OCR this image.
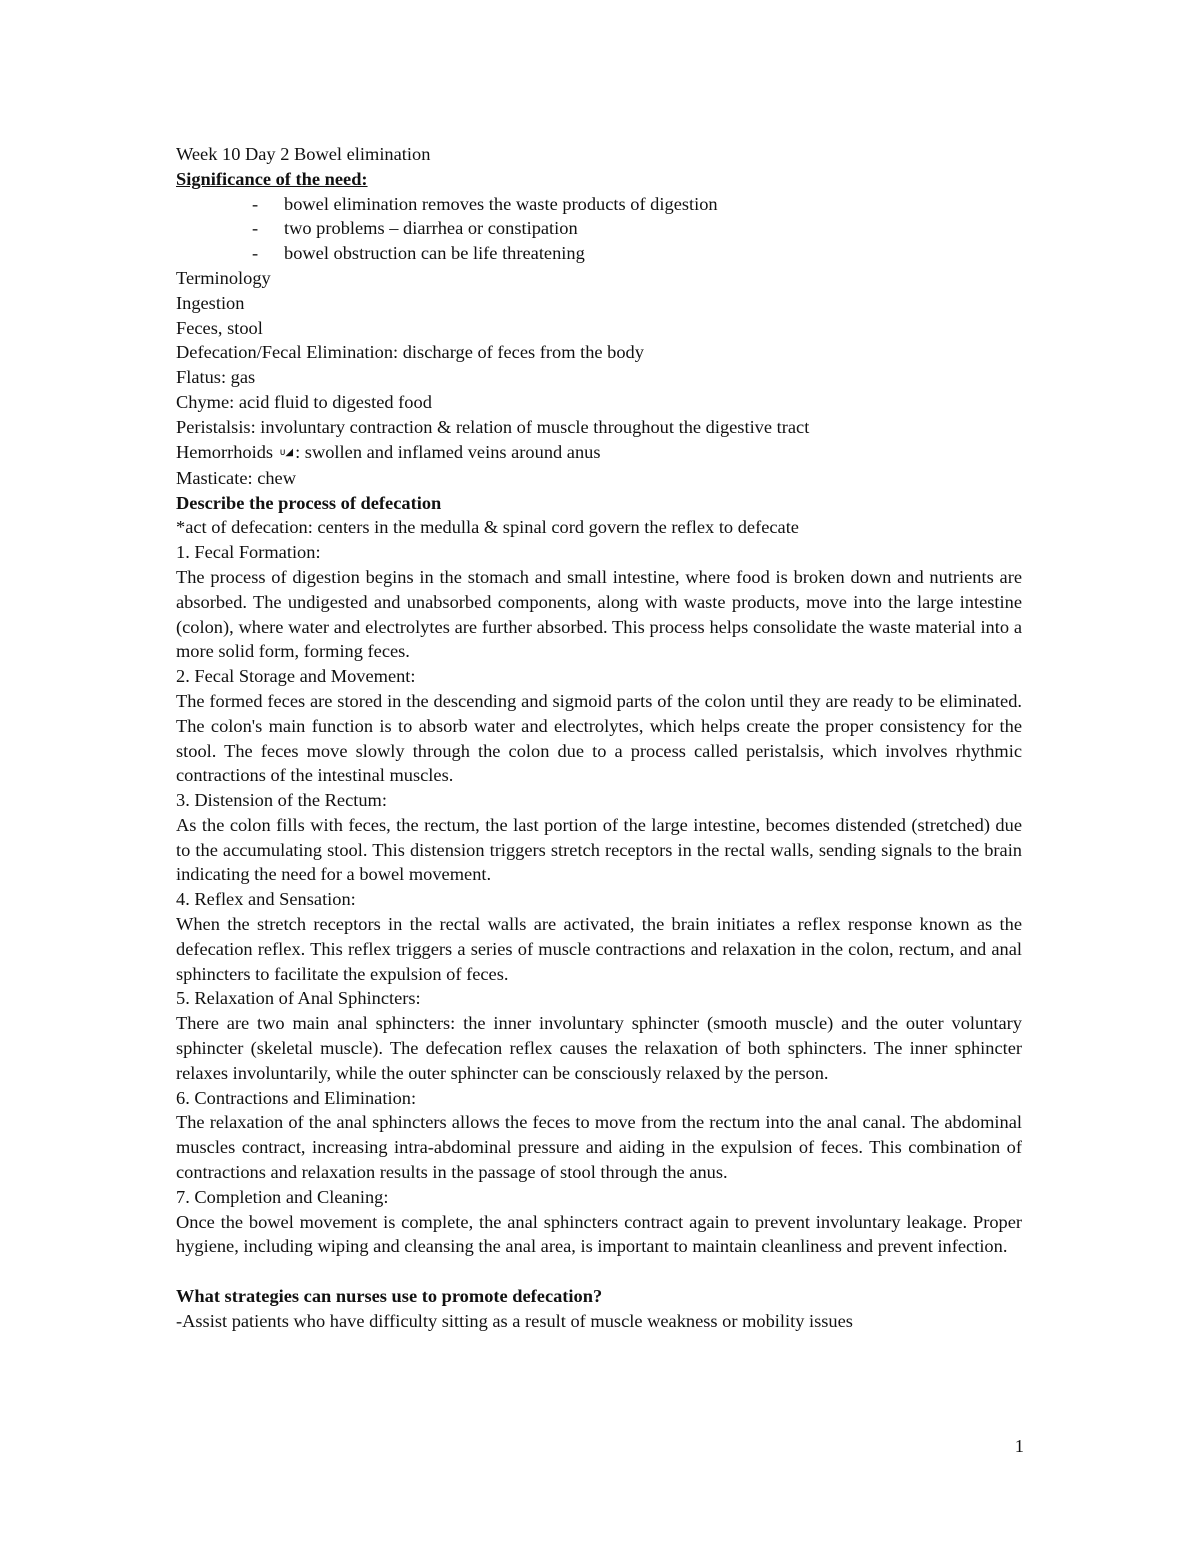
Week 10 Day 2 Bowel elimination
Significance of the need:
- bowel elimination removes the waste products of digestion
- two problems – diarrhea or constipation
- bowel obstruction can be life threatening
Terminology
Ingestion
Feces, stool
Defecation/Fecal Elimination: discharge of feces from the body
Flatus: gas
Chyme: acid fluid to digested food
Peristalsis: involuntary contraction & relation of muscle throughout the digestive tract
Hemorrhoids ᴜ◢ : swollen and inflamed veins around anus
Masticate: chew
Describe the process of defecation
*act of defecation: centers in the medulla & spinal cord govern the reflex to defecate
1. Fecal Formation:

The process of digestion begins in the stomach and small intestine, where food is broken down and nutrients are absorbed. The undigested and unabsorbed components, along with waste products, move into the large intestine (colon), where water and electrolytes are further absorbed. This process helps consolidate the waste material into a more solid form, forming feces.

2. Fecal Storage and Movement:

The formed feces are stored in the descending and sigmoid parts of the colon until they are ready to be eliminated. The colon's main function is to absorb water and electrolytes, which helps create the proper consistency for the stool. The feces move slowly through the colon due to a process called peristalsis, which involves rhythmic contractions of the intestinal muscles.

3. Distension of the Rectum:

As the colon fills with feces, the rectum, the last portion of the large intestine, becomes distended (stretched) due to the accumulating stool. This distension triggers stretch receptors in the rectal walls, sending signals to the brain indicating the need for a bowel movement.

4. Reflex and Sensation:

When the stretch receptors in the rectal walls are activated, the brain initiates a reflex response known as the defecation reflex. This reflex triggers a series of muscle contractions and relaxation in the colon, rectum, and anal sphincters to facilitate the expulsion of feces.

5. Relaxation of Anal Sphincters:

There are two main anal sphincters: the inner involuntary sphincter (smooth muscle) and the outer voluntary sphincter (skeletal muscle). The defecation reflex causes the relaxation of both sphincters. The inner sphincter relaxes involuntarily, while the outer sphincter can be consciously relaxed by the person.

6. Contractions and Elimination:

The relaxation of the anal sphincters allows the feces to move from the rectum into the anal canal. The abdominal muscles contract, increasing intra-abdominal pressure and aiding in the expulsion of feces. This combination of contractions and relaxation results in the passage of stool through the anus.

7. Completion and Cleaning:

Once the bowel movement is complete, the anal sphincters contract again to prevent involuntary leakage. Proper hygiene, including wiping and cleansing the anal area, is important to maintain cleanliness and prevent infection.

What strategies can nurses use to promote defecation?
-Assist patients who have difficulty sitting as a result of muscle weakness or mobility issues
1
